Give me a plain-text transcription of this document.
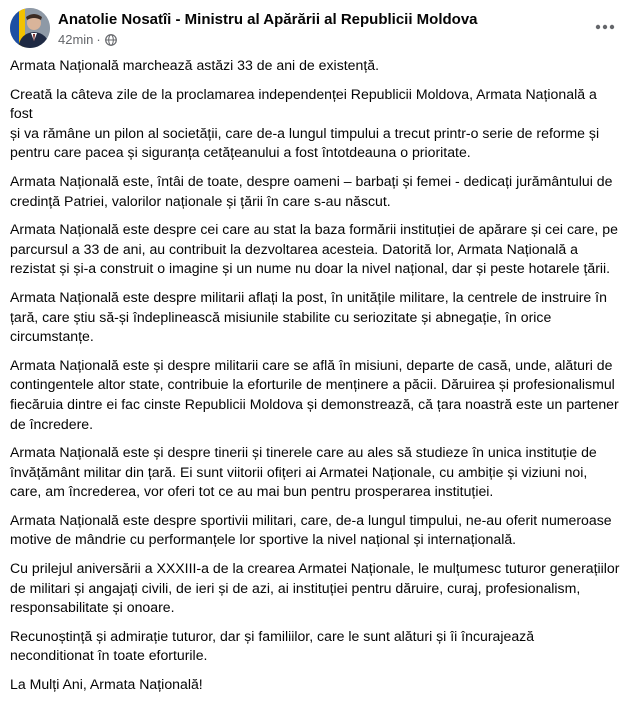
Anatolie Nosatîi - Ministru al Apărării al Republicii Moldova
42min ·

Armata Națională marchează astăzi 33 de ani de existență.

Creată la câteva zile de la proclamarea independenței Republicii Moldova, Armata Națională a fost
și va rămâne un pilon al societății, care de-a lungul timpului a trecut printr-o serie de reforme și
pentru care pacea și siguranța cetățeanului a fost întotdeauna o prioritate.

Armata Națională este, întâi de toate, despre oameni – barbați și femei - dedicați jurământului de
credință Patriei, valorilor naționale și țării în care s-au născut.

Armata Națională este despre cei care au stat la baza formării instituției de apărare și cei care, pe
parcursul a 33 de ani, au contribuit la dezvoltarea acesteia. Datorită lor, Armata Națională a
rezistat și și-a construit o imagine și un nume nu doar la nivel național, dar și peste hotarele țării.

Armata Națională este despre militarii aflați la post, în unitățile militare, la centrele de instruire în
țară, care știu să-și îndeplinească misiunile stabilite cu seriozitate și abnegație, în orice
circumstanțe.

Armata Națională este și despre militarii care se află în misiuni, departe de casă, unde, alături de
contingentele altor state, contribuie la eforturile de menținere a păcii. Dăruirea și profesionalismul
fiecăruia dintre ei fac cinste Republicii Moldova și demonstrează, că țara noastră este un partener
de încredere.

Armata Națională este și despre tinerii și tinerele care au ales să studieze în unica instituție de
învățământ militar din țară. Ei sunt viitorii ofițeri ai Armatei Naționale, cu ambiție și viziuni noi,
care, am încrederea, vor oferi tot ce au mai bun pentru prosperarea instituției.

Armata Națională este despre sportivii militari, care, de-a lungul timpului, ne-au oferit numeroase
motive de mândrie cu performanțele lor sportive la nivel național și internațională.

Cu prilejul aniversării a XXXIII-a de la crearea Armatei Naționale, le mulțumesc tuturor generațiilor
de militari și angajați civili, de ieri și de azi, ai instituției pentru dăruire, curaj, profesionalism,
responsabilitate și onoare.

Recunoștință și admirație tuturor, dar și familiilor, care le sunt alături și îi încurajează
neconditionat în toate eforturile.

La Mulți Ani, Armata Națională!
